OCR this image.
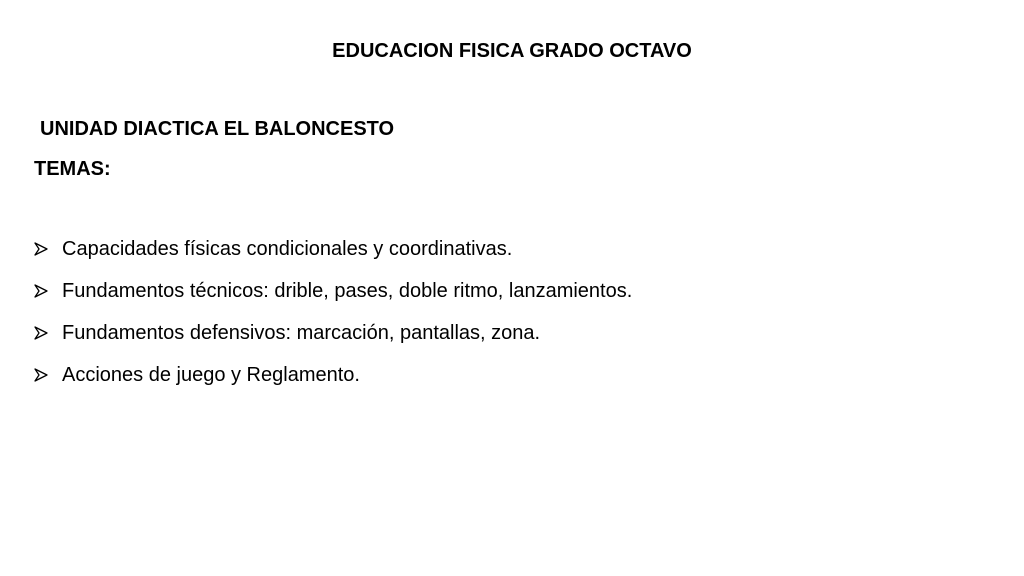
EDUCACION FISICA GRADO OCTAVO
UNIDAD DIACTICA EL BALONCESTO
TEMAS:
Capacidades físicas condicionales y coordinativas.
Fundamentos técnicos: drible, pases, doble ritmo, lanzamientos.
Fundamentos defensivos: marcación, pantallas, zona.
Acciones de juego y Reglamento.
